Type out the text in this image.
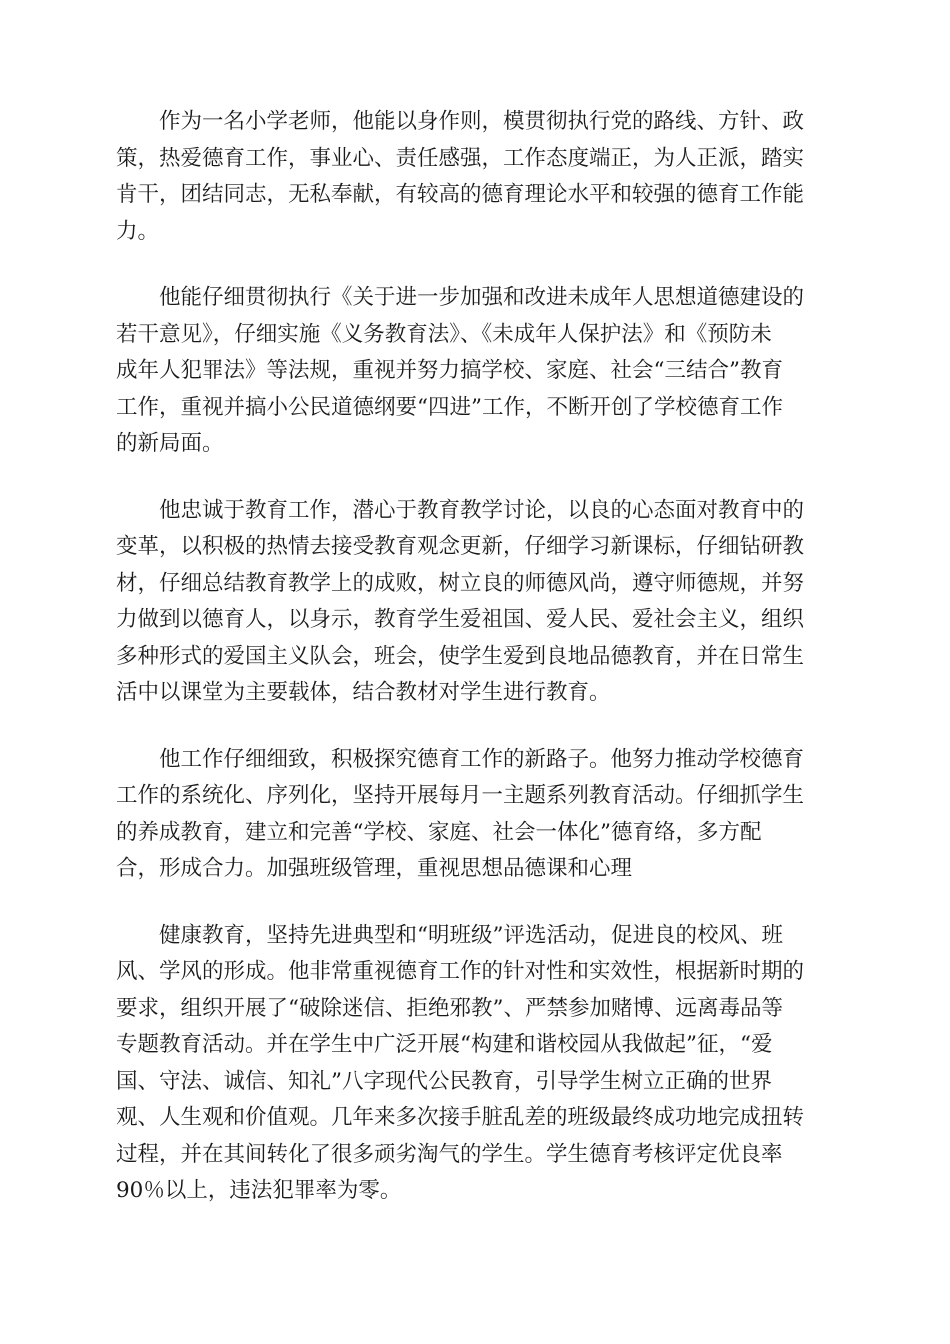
作为一名小学老师，他能以身作则，模贯彻执行党的路线、方针、政
策，热爱德育工作，事业心、责任感强，工作态度端正，为人正派，踏实
肯干，团结同志，无私奉献，有较高的德育理论水平和较强的德育工作能
力。

他能仔细贯彻执行《关于进一步加强和改进未成年人思想道德建设的
若干意见》，仔细实施《义务教育法》、《未成年人保护法》和《预防未
成年人犯罪法》等法规，重视并努力搞学校、家庭、社会“三结合”教育
工作，重视并搞小公民道德纲要“四进”工作，不断开创了学校德育工作
的新局面。

他忠诚于教育工作，潜心于教育教学讨论，以良的心态面对教育中的
变革，以积极的热情去接受教育观念更新，仔细学习新课标，仔细钻研教
材，仔细总结教育教学上的成败，树立良的师德风尚，遵守师德规，并努
力做到以德育人，以身示，教育学生爱祖国、爱人民、爱社会主义，组织
多种形式的爱国主义队会，班会，使学生爱到良地品德教育，并在日常生
活中以课堂为主要载体，结合教材对学生进行教育。

他工作仔细细致，积极探究德育工作的新路子。他努力推动学校德育
工作的系统化、序列化，坚持开展每月一主题系列教育活动。仔细抓学生
的养成教育，建立和完善“学校、家庭、社会一体化”德育络，多方配
合，形成合力。加强班级管理，重视思想品德课和心理

健康教育，坚持先进典型和“明班级”评选活动，促进良的校风、班
风、学风的形成。他非常重视德育工作的针对性和实效性，根据新时期的
要求，组织开展了“破除迷信、拒绝邪教”、严禁参加赌博、远离毒品等
专题教育活动。并在学生中广泛开展“构建和谐校园从我做起”征，“爱
国、守法、诚信、知礼”八字现代公民教育，引导学生树立正确的世界
观、人生观和价值观。几年来多次接手脏乱差的班级最终成功地完成扭转
过程，并在其间转化了很多顽劣淘气的学生。学生德育考核评定优良率
90％以上，违法犯罪率为零。
